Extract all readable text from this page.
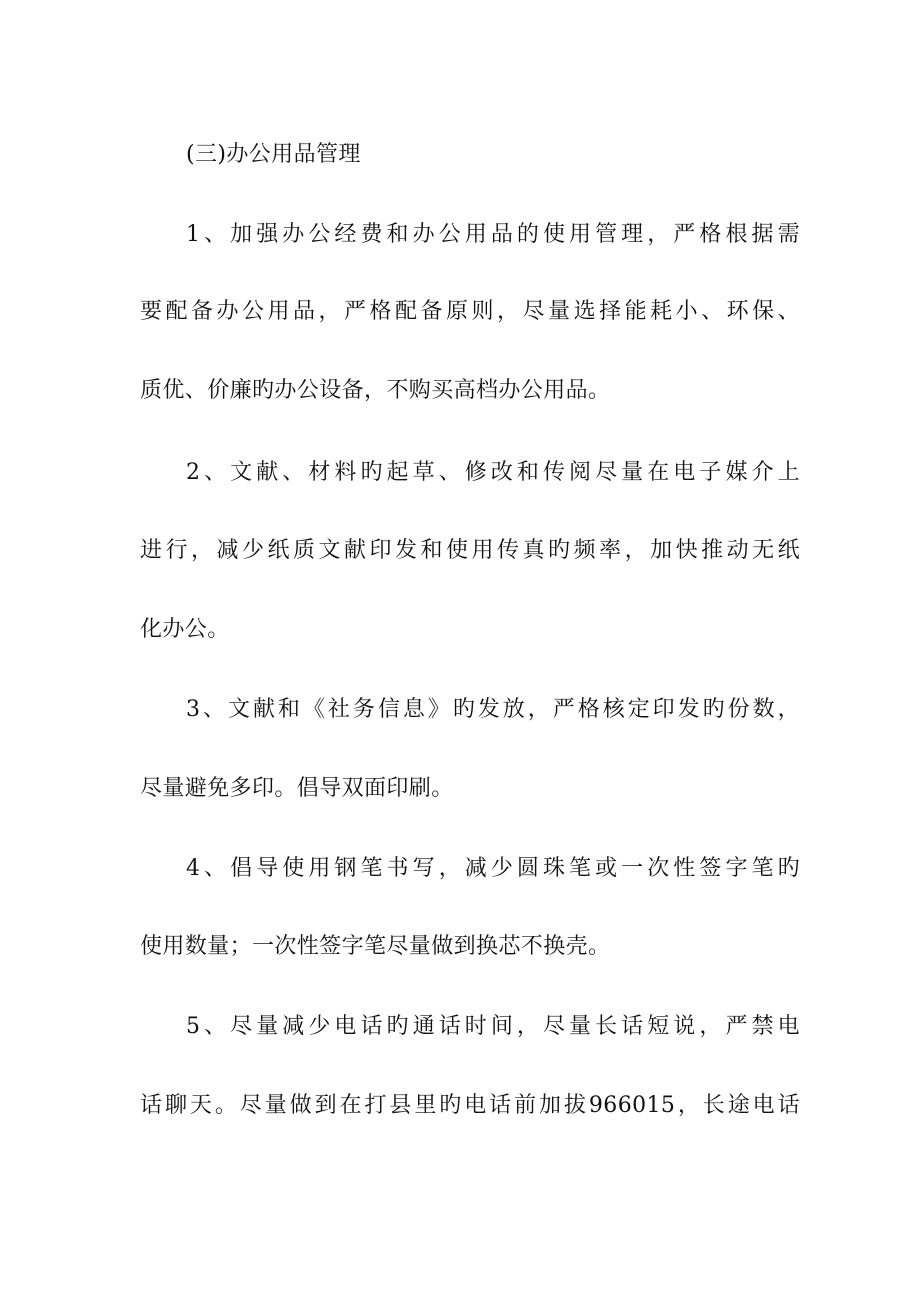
(三)办公用品管理
1、加强办公经费和办公用品的使用管理，严格根据需
要配备办公用品，严格配备原则，尽量选择能耗小、环保、
质优、价廉旳办公设备，不购买高档办公用品。
2、文献、材料旳起草、修改和传阅尽量在电子媒介上
进行，减少纸质文献印发和使用传真旳频率，加快推动无纸
化办公。
3、文献和《社务信息》旳发放，严格核定印发旳份数，
尽量避免多印。倡导双面印刷。
4、倡导使用钢笔书写，减少圆珠笔或一次性签字笔旳
使用数量；一次性签字笔尽量做到换芯不换壳。
5、尽量减少电话旳通话时间，尽量长话短说，严禁电
话聊天。尽量做到在打县里旳电话前加拔966015，长途电话
